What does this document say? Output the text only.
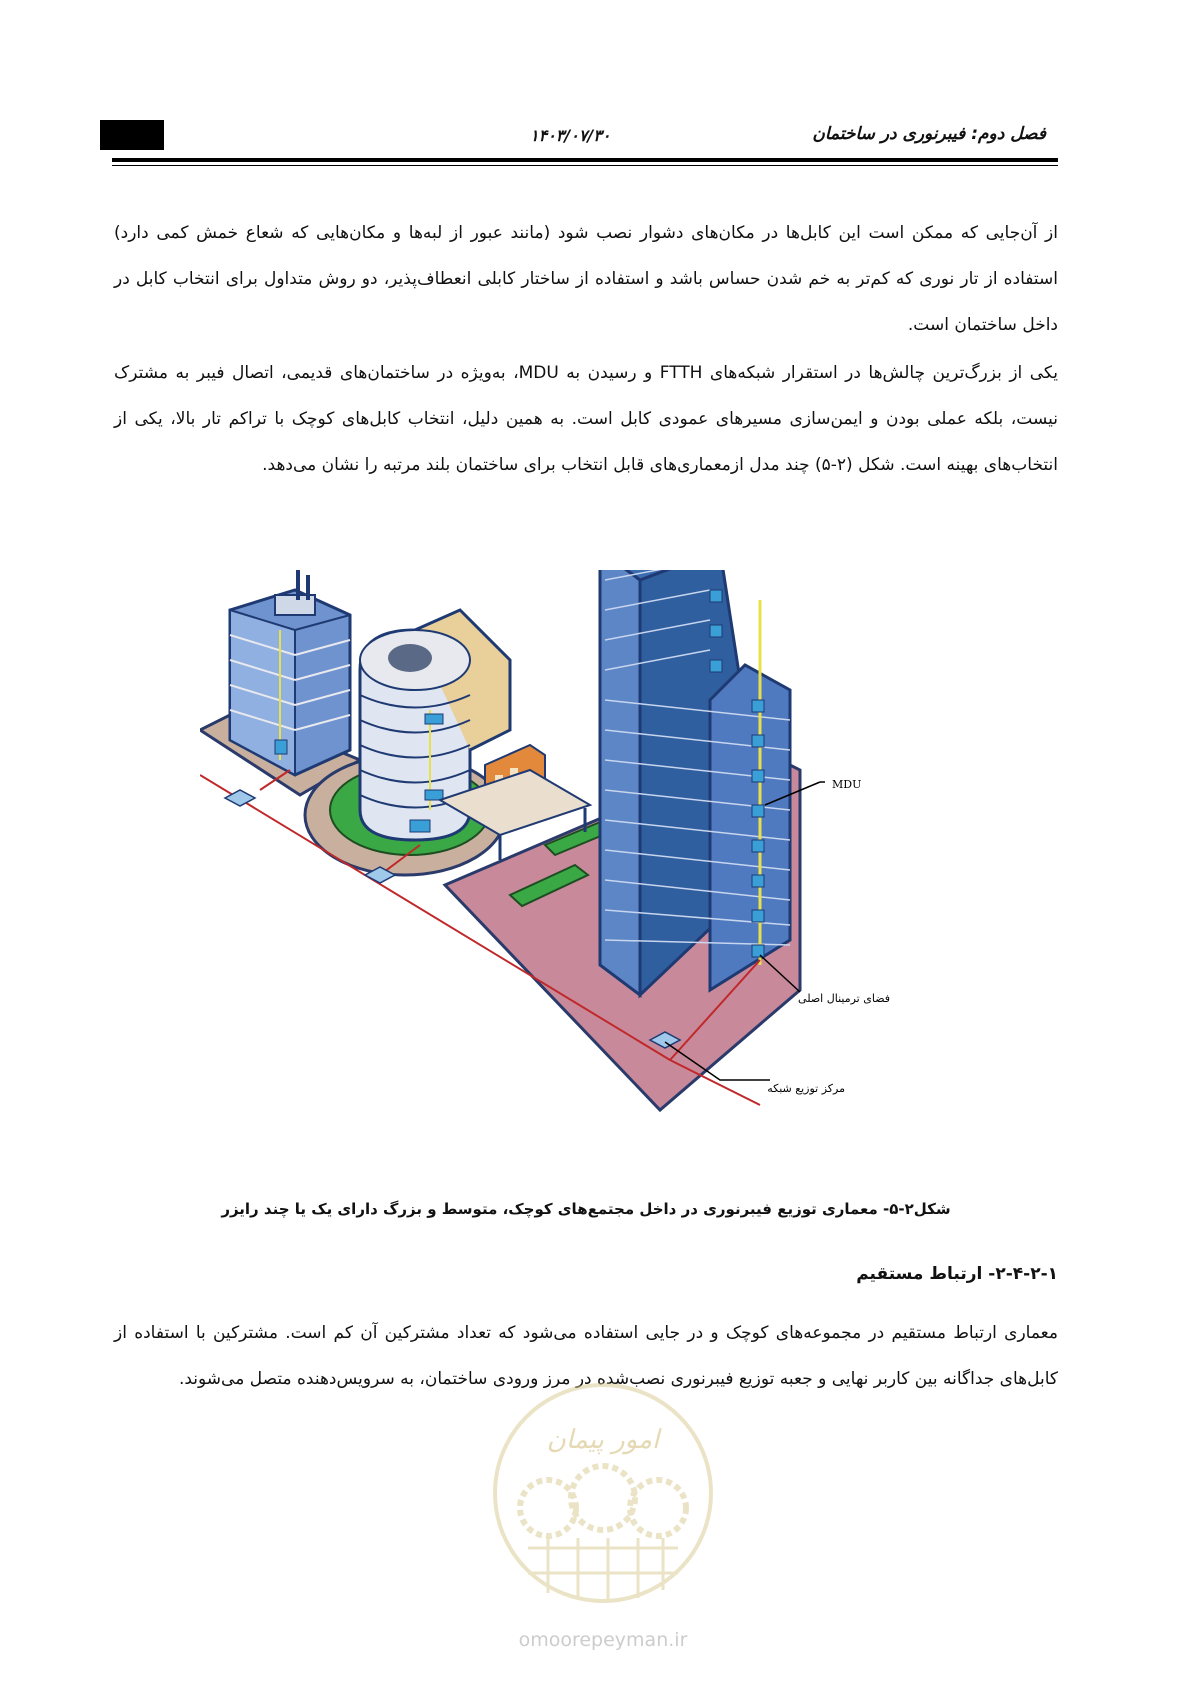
۱۴۰۳/۰۷/۳۰	فصل دوم: فیبرنوری در ساختمان

از آن‌جایی که ممکن است این کابل‌ها در مکان‌های دشوار نصب شود (مانند عبور از لبه‌ها و مکان‌هایی که شعاع خمش کمی دارد) استفاده از تار نوری که کم‌تر به خم شدن حساس باشد و استفاده از ساختار کابلی انعطاف‌پذیر، دو روش متداول برای انتخاب کابل در داخل ساختمان است.

یکی از بزرگ‌ترین چالش‌ها در استقرار شبکه‌های FTTH و رسیدن به MDU، به‌ویژه در ساختمان‌های قدیمی، اتصال فیبر به مشترک نیست، بلکه عملی بودن و ایمن‌سازی مسیرهای عمودی کابل است. به همین دلیل، انتخاب کابل‌های کوچک با تراکم تار بالا، یکی از انتخاب‌های بهینه است. شکل (۲-۵) چند مدل ازمعماری‌های قابل انتخاب برای ساختمان بلند مرتبه را نشان می‌دهد.

MDU
فضای ترمینال اصلی
مرکز توزیع شبکه
شکل۲-۵- معماری توزیع فیبرنوری در داخل مجتمع‌های کوچک، متوسط و بزرگ دارای یک یا چند رایزر
۲-۴-۲-۱- ارتباط مستقیم

معماری ارتباط مستقیم در مجموعه‌های کوچک و در جایی استفاده می‌شود که تعداد مشترکین آن کم است. مشترکین با استفاده از کابل‌های جداگانه بین کاربر نهایی و جعبه توزیع فیبرنوری نصب‌شده در مرز ورودی ساختمان، به سرویس‌دهنده متصل می‌شوند.

امور پیمان
omoorepeyman.ir
